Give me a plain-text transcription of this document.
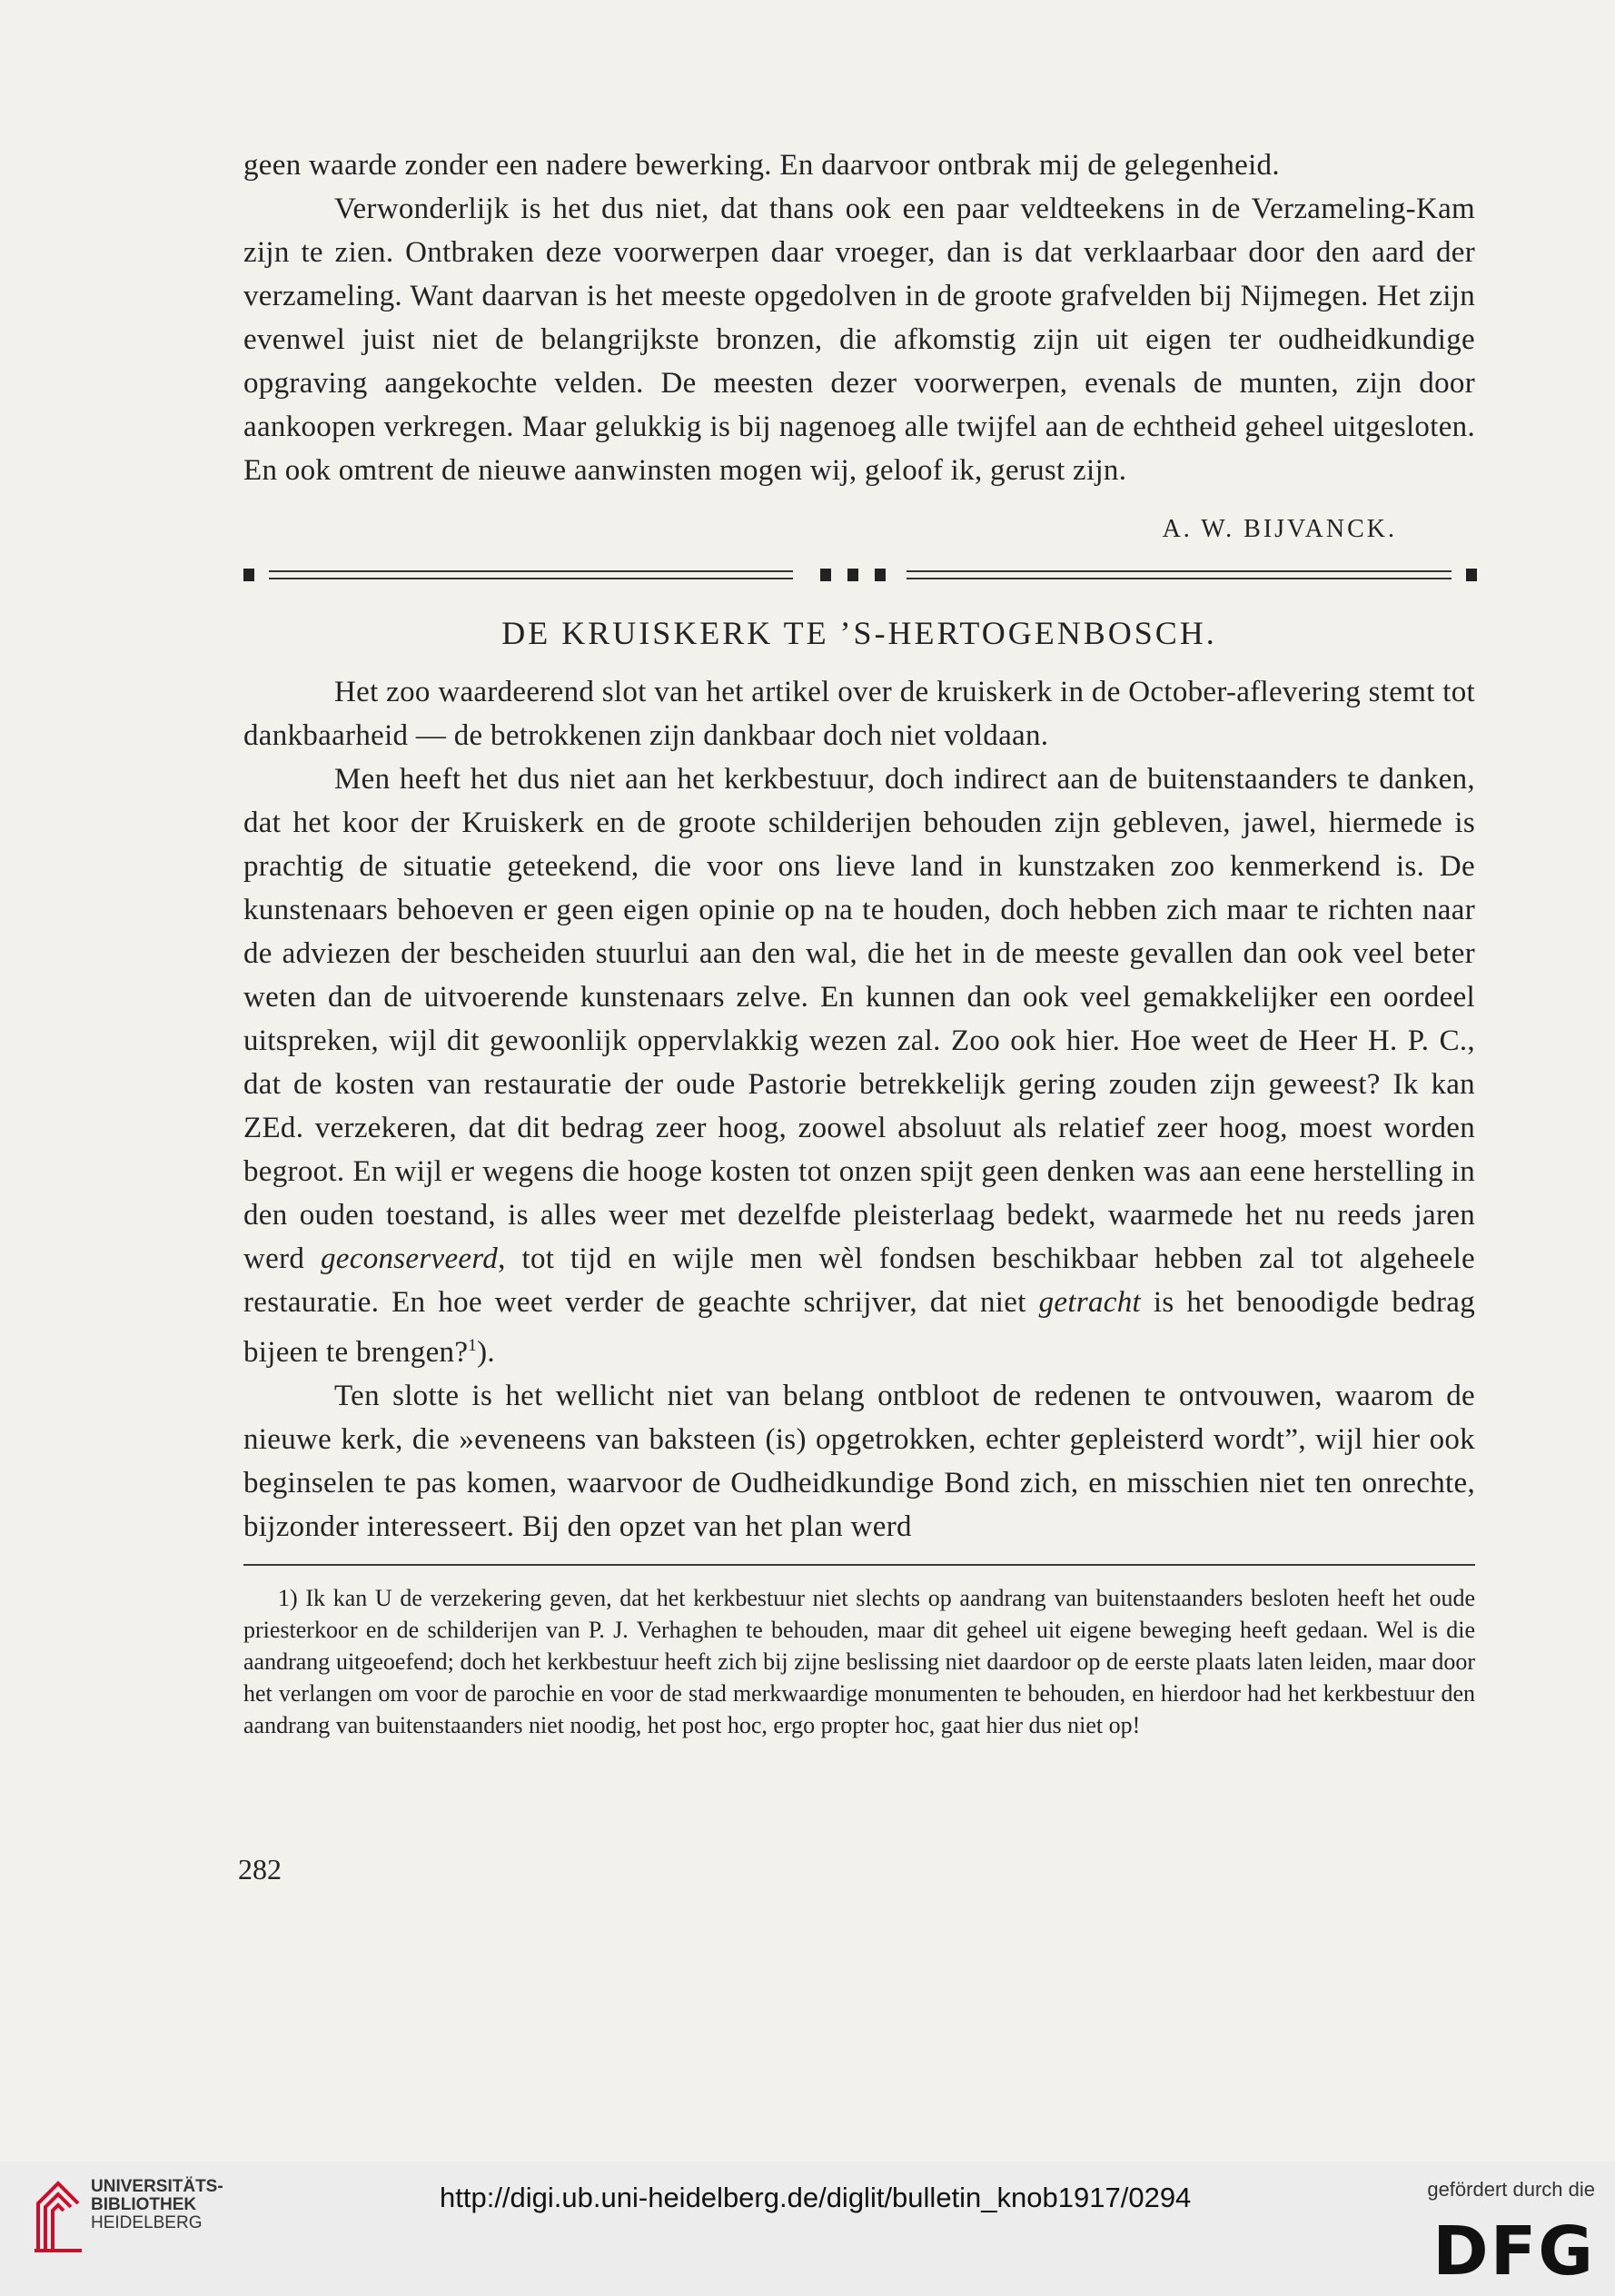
geen waarde zonder een nadere bewerking. En daarvoor ontbrak mij de gelegenheid.

Verwonderlijk is het dus niet, dat thans ook een paar veldteekens in de Verzameling-Kam zijn te zien. Ontbraken deze voorwerpen daar vroeger, dan is dat verklaarbaar door den aard der verzameling. Want daarvan is het meeste opgedolven in de groote grafvelden bij Nijmegen. Het zijn evenwel juist niet de belangrijkste bronzen, die afkomstig zijn uit eigen ter oudheidkundige opgraving aangekochte velden. De meesten dezer voorwerpen, evenals de munten, zijn door aankoopen verkregen. Maar gelukkig is bij nagenoeg alle twijfel aan de echtheid geheel uitgesloten. En ook omtrent de nieuwe aanwinsten mogen wij, geloof ik, gerust zijn.

A. W. BIJVANCK.
DE KRUISKERK TE ’S-HERTOGENBOSCH.

Het zoo waardeerend slot van het artikel over de kruiskerk in de October-aflevering stemt tot dankbaarheid — de betrokkenen zijn dankbaar doch niet voldaan.

Men heeft het dus niet aan het kerkbestuur, doch indirect aan de buitenstaanders te danken, dat het koor der Kruiskerk en de groote schilderijen behouden zijn gebleven, jawel, hiermede is prachtig de situatie geteekend, die voor ons lieve land in kunstzaken zoo kenmerkend is. De kunstenaars behoeven er geen eigen opinie op na te houden, doch hebben zich maar te richten naar de adviezen der bescheiden stuurlui aan den wal, die het in de meeste gevallen dan ook veel beter weten dan de uitvoerende kunstenaars zelve. En kunnen dan ook veel gemakkelijker een oordeel uitspreken, wijl dit gewoonlijk oppervlakkig wezen zal. Zoo ook hier. Hoe weet de Heer H. P. C., dat de kosten van restauratie der oude Pastorie betrekkelijk gering zouden zijn geweest? Ik kan ZEd. verzekeren, dat dit bedrag zeer hoog, zoowel absoluut als relatief zeer hoog, moest worden begroot. En wijl er wegens die hooge kosten tot onzen spijt geen denken was aan eene herstelling in den ouden toestand, is alles weer met dezelfde pleisterlaag bedekt, waarmede het nu reeds jaren werd geconserveerd, tot tijd en wijle men wèl fondsen beschikbaar hebben zal tot algeheele restauratie. En hoe weet verder de geachte schrijver, dat niet getracht is het benoodigde bedrag bijeen te brengen?$^1$).

Ten slotte is het wellicht niet van belang ontbloot de redenen te ontvouwen, waarom de nieuwe kerk, die »eveneens van baksteen (is) opgetrokken, echter gepleisterd wordt”, wijl hier ook beginselen te pas komen, waarvoor de Oudheidkundige Bond zich, en misschien niet ten onrechte, bijzonder interesseert. Bij den opzet van het plan werd

1) Ik kan U de verzekering geven, dat het kerkbestuur niet slechts op aandrang van buitenstaanders besloten heeft het oude priesterkoor en de schilderijen van P. J. Verhaghen te behouden, maar dit geheel uit eigene beweging heeft gedaan. Wel is die aandrang uitgeoefend; doch het kerkbestuur heeft zich bij zijne beslissing niet daardoor op de eerste plaats laten leiden, maar door het verlangen om voor de parochie en voor de stad merkwaardige monumenten te behouden, en hierdoor had het kerkbestuur den aandrang van buitenstaanders niet noodig, het post hoc, ergo propter hoc, gaat hier dus niet op!

282
UNIVERSITÄTS-
BIBLIOTHEK
HEIDELBERG
http://digi.ub.uni-heidelberg.de/diglit/bulletin_knob1917/0294	gefördert durch die
DFG
